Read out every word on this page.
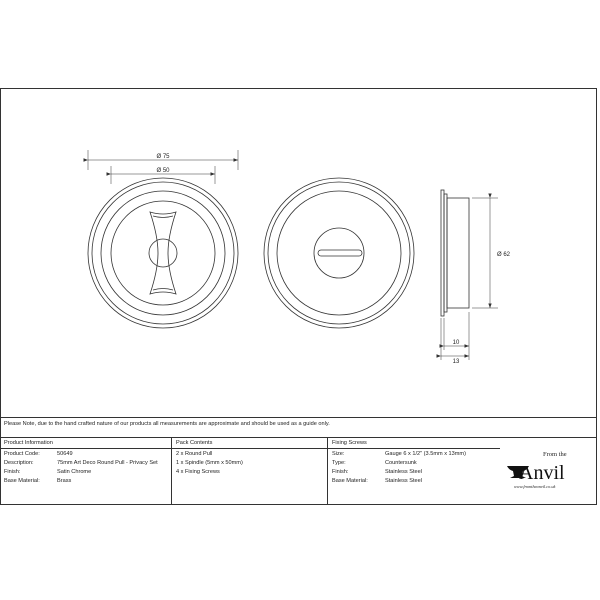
Ø 75
Ø 50
Ø 62
10
13
Please Note, due to the hand crafted nature of our products all measurements are approximate and should be used as a guide only.
Product Information
Product Code:	50649
Description:	75mm Art Deco Round Pull - Privacy Set
Finish:	Satin Chrome
Base Material:	Brass
Pack Contents
2 x Round Pull
1 x Spindle (5mm x 50mm)
4 x Fixing Screws
Fixing Screws
Size:	Gauge 6 x 1/2" (3.5mm x 13mm)
Type:	Countersunk
Finish:	Stainless Steel
Base Material:	Stainless Steel
From the
Anvil
www.fromtheanvil.co.uk
